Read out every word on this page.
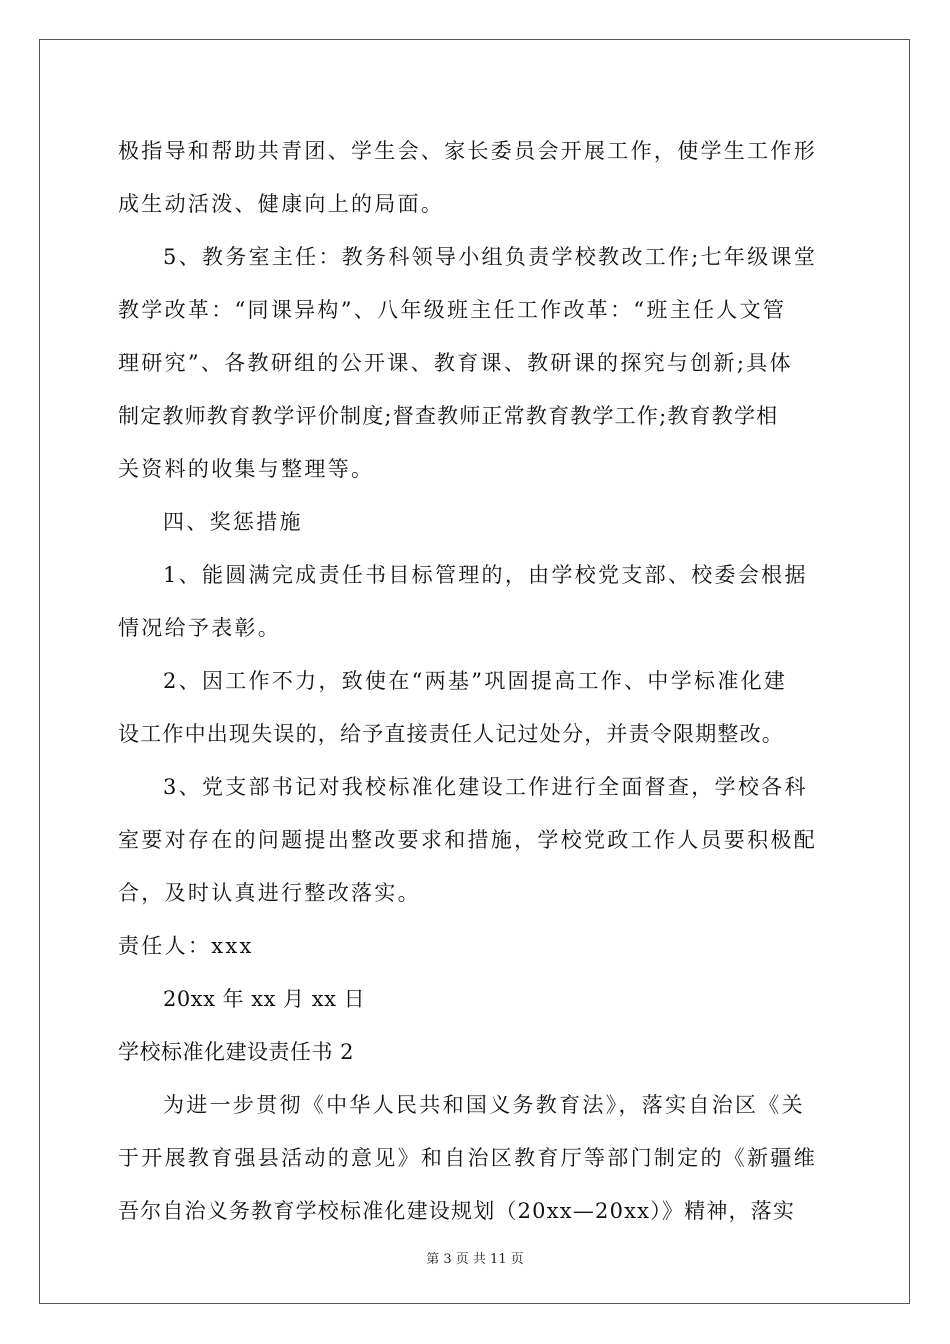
极指导和帮助共青团、学生会、家长委员会开展工作，使学生工作形
成生动活泼、健康向上的局面。
5、教务室主任：教务科领导小组负责学校教改工作;七年级课堂
教学改革：“同课异构”、八年级班主任工作改革：“班主任人文管
理研究”、各教研组的公开课、教育课、教研课的探究与创新;具体
制定教师教育教学评价制度;督查教师正常教育教学工作;教育教学相
关资料的收集与整理等。
四、奖惩措施
1、能圆满完成责任书目标管理的，由学校党支部、校委会根据
情况给予表彰。
2、因工作不力，致使在“两基”巩固提高工作、中学标准化建
设工作中出现失误的，给予直接责任人记过处分，并责令限期整改。
3、党支部书记对我校标准化建设工作进行全面督查，学校各科
室要对存在的问题提出整改要求和措施，学校党政工作人员要积极配
合，及时认真进行整改落实。
责任人：xxx
20xx 年 xx 月 xx 日
学校标准化建设责任书 2
为进一步贯彻《中华人民共和国义务教育法》，落实自治区《关
于开展教育强县活动的意见》和自治区教育厅等部门制定的《新疆维
吾尔自治义务教育学校标准化建设规划（20xx—20xx）》精神，落实
第 3 页 共 11 页
